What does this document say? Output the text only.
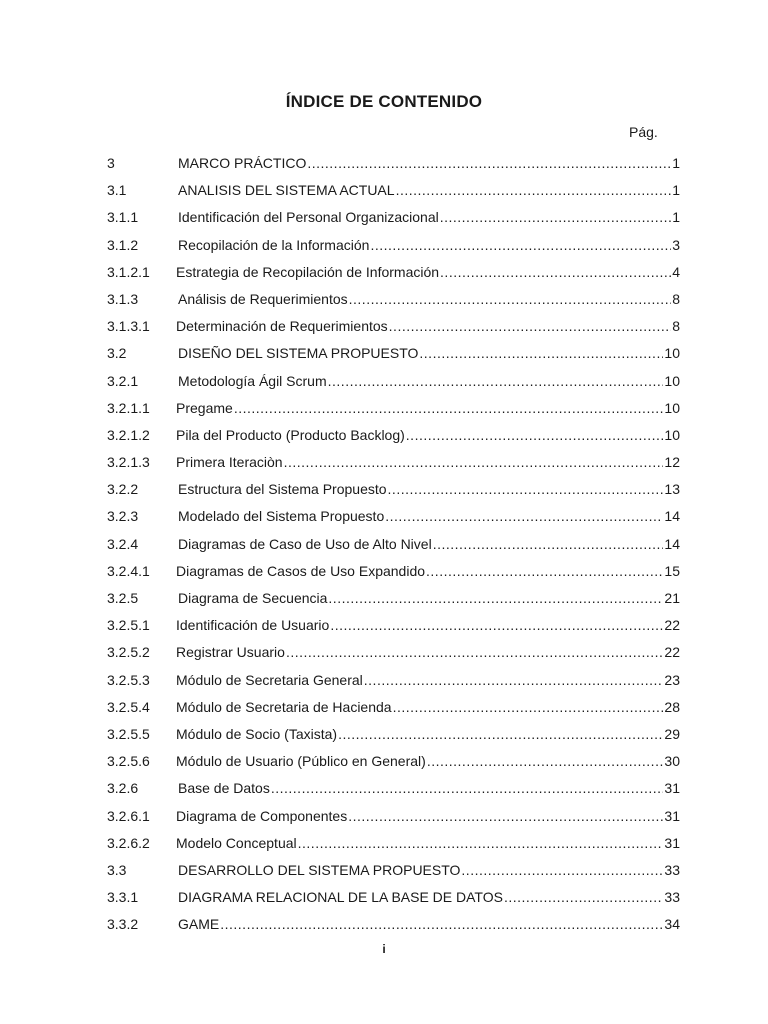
ÍNDICE DE CONTENIDO
Pág.
3	MARCO PRÁCTICO .....	1
3.1	ANALISIS DEL SISTEMA ACTUAL .....	1
3.1.1	Identificación del Personal Organizacional .....	1
3.1.2	Recopilación de la Información .....	3
3.1.2.1 Estrategia de Recopilación de Información .....	4
3.1.3	Análisis de Requerimientos .....	8
3.1.3.1 Determinación de Requerimientos .....	8
3.2	DISEÑO DEL SISTEMA PROPUESTO .....	10
3.2.1	Metodología Ágil Scrum .....	10
3.2.1.1 Pregame .....	10
3.2.1.2 Pila del Producto (Producto Backlog) .....	10
3.2.1.3 Primera Iteraciòn .....	12
3.2.2	Estructura del Sistema Propuesto .....	13
3.2.3	Modelado del Sistema Propuesto .....	14
3.2.4	Diagramas de Caso de Uso de Alto Nivel .....	14
3.2.4.1 Diagramas de Casos de Uso Expandido .....	15
3.2.5	Diagrama de Secuencia .....	21
3.2.5.1 Identificación de Usuario .....	22
3.2.5.2 Registrar Usuario .....	22
3.2.5.3 Módulo de Secretaria General .....	23
3.2.5.4 Módulo de Secretaria de Hacienda .....	28
3.2.5.5 Módulo de Socio (Taxista) .....	29
3.2.5.6 Módulo de Usuario (Público en General) .....	30
3.2.6	Base de Datos .....	31
3.2.6.1 Diagrama de Componentes .....	31
3.2.6.2 Modelo Conceptual .....	31
3.3	DESARROLLO DEL SISTEMA PROPUESTO .....	33
3.3.1	DIAGRAMA RELACIONAL DE LA BASE DE DATOS .....	33
3.3.2	GAME .....	34
i
